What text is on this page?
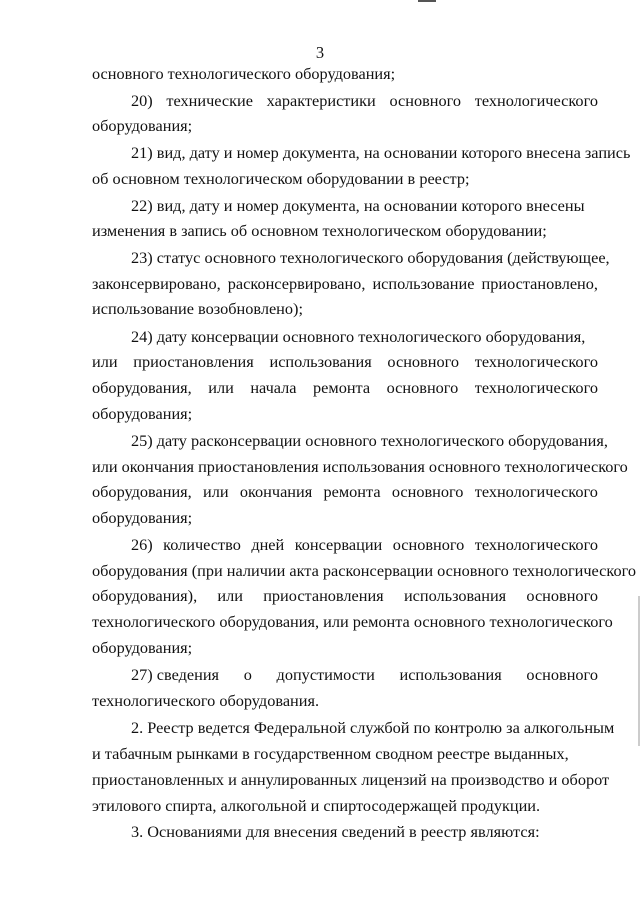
3
основного технологического оборудования;
20) технические характеристики основного технологического
оборудования;
21) вид, дату и номер документа, на основании которого внесена запись
об основном технологическом оборудовании в реестр;
22) вид, дату и номер документа, на основании которого внесены
изменения в запись об основном технологическом оборудовании;
23) статус основного технологического оборудования (действующее,
законсервировано, расконсервировано, использование приостановлено,
использование возобновлено);
24) дату консервации основного технологического оборудования,
или приостановления использования основного технологического
оборудования, или начала ремонта основного технологического
оборудования;
25) дату расконсервации основного технологического оборудования,
или окончания приостановления использования основного технологического
оборудования, или окончания ремонта основного технологического
оборудования;
26) количество дней консервации основного технологического
оборудования (при наличии акта расконсервации основного технологического
оборудования), или приостановления использования основного
технологического оборудования, или ремонта основного технологического
оборудования;
27) сведения о допустимости использования основного
технологического оборудования.
2. Реестр ведется Федеральной службой по контролю за алкогольным
и табачным рынками в государственном сводном реестре выданных,
приостановленных и аннулированных лицензий на производство и оборот
этилового спирта, алкогольной и спиртосодержащей продукции.
3. Основаниями для внесения сведений в реестр являются:
